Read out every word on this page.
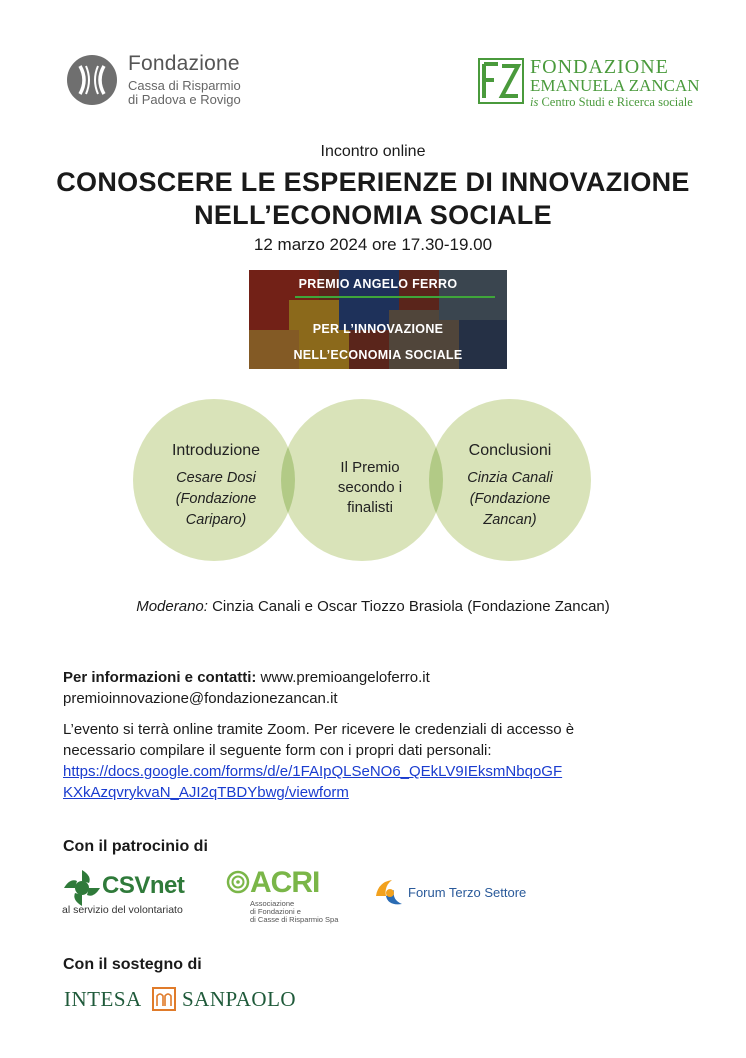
Fondazione
Cassa di Risparmio
di Padova e Rovigo
FONDAZIONE
EMANUELA ZANCAN
is Centro Studi e Ricerca sociale
Incontro online
CONOSCERE LE ESPERIENZE DI INNOVAZIONE
NELL’ECONOMIA SOCIALE
12 marzo 2024 ore 17.30-19.00
PREMIO ANGELO FERRO
PER L’INNOVAZIONE
NELL’ECONOMIA SOCIALE
Introduzione
Cesare Dosi
(Fondazione
Cariparo)
Il Premio
secondo i
finalisti
Conclusioni
Cinzia Canali
(Fondazione
Zancan)
Moderano: Cinzia Canali e Oscar Tiozzo Brasiola (Fondazione Zancan)
Per informazioni e contatti: www.premioangeloferro.it
premioinnovazione@fondazionezancan.it
L’evento si terrà online tramite Zoom. Per ricevere le credenziali di accesso è
necessario compilare il seguente form con i propri dati personali:
https://docs.google.com/forms/d/e/1FAIpQLSeNO6_QEkLV9IEksmNbqoGF
KXkAzqvrykvaN_AJI2qTBDYbwg/viewform
Con il patrocinio di
CSVnet
al servizio del volontariato
ACRI
Associazione
di Fondazioni e
di Casse di Risparmio Spa
Forum Terzo Settore
Con il sostegno di
INTESA SANPAOLO
